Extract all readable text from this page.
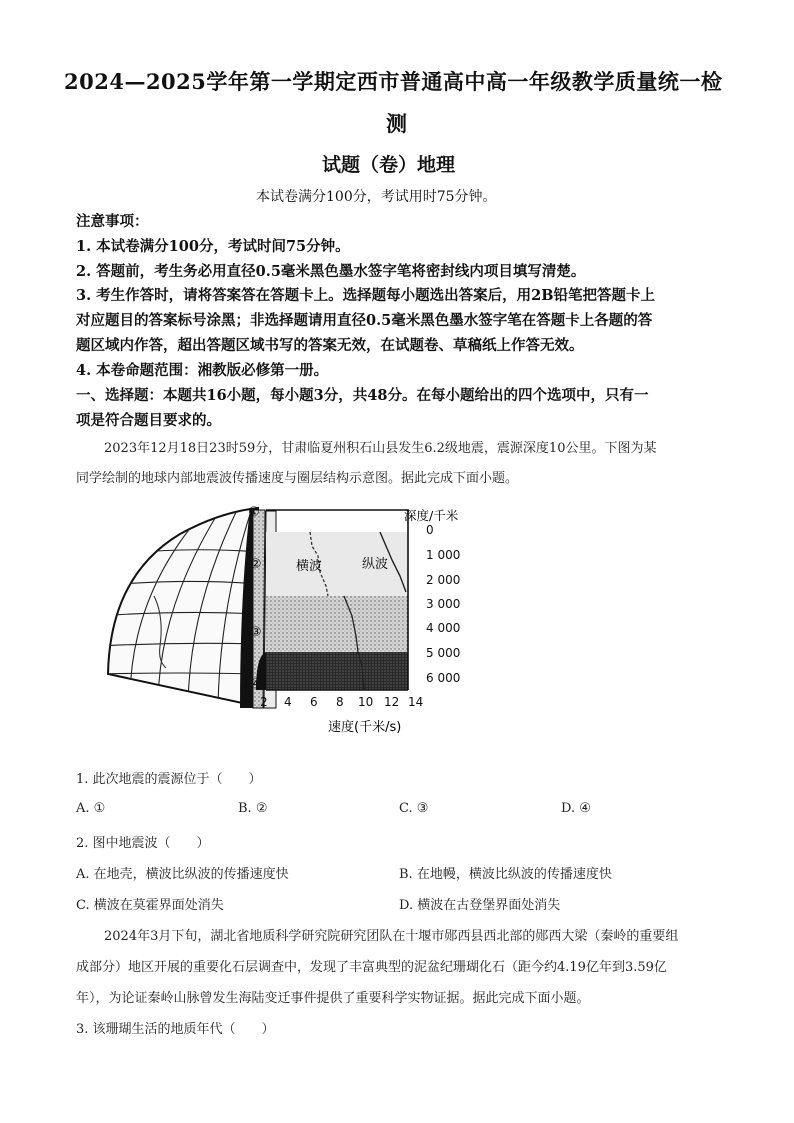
2024—2025学年第一学期定西市普通高中高一年级教学质量统一检
测
试题（卷）地理
本试卷满分100分，考试用时75分钟。
注意事项：
1. 本试卷满分100分，考试时间75分钟。
2. 答题前，考生务必用直径0.5毫米黑色墨水签字笔将密封线内项目填写清楚。
3. 考生作答时，请将答案答在答题卡上。选择题每小题选出答案后，用2B铅笔把答题卡上
对应题目的答案标号涂黑；非选择题请用直径0.5毫米黑色墨水签字笔在答题卡上各题的答
题区域内作答，超出答题区域书写的答案无效，在试题卷、草稿纸上作答无效。
4. 本卷命题范围：湘教版必修第一册。
一、选择题：本题共16小题，每小题3分，共48分。在每小题给出的四个选项中，只有一
项是符合题目要求的。
2023年12月18日23时59分，甘肃临夏州积石山县发生6.2级地震，震源深度10公里。下图为某
同学绘制的地球内部地震波传播速度与圈层结构示意图。据此完成下面小题。
①
②
③
④
横波	纵波
深度/千米
0
1 000
2 000
3 000
4 000
5 000
6 000
2 4 6 8 10 12 14
速度(千米/s)
1. 此次地震的震源位于（　　）
A. ①	B. ②	C. ③	D. ④
2. 图中地震波（　　）
A. 在地壳，横波比纵波的传播速度快	B. 在地幔，横波比纵波的传播速度快
C. 横波在莫霍界面处消失	D. 横波在古登堡界面处消失
2024年3月下旬，湖北省地质科学研究院研究团队在十堰市郧西县西北部的郧西大梁（秦岭的重要组
成部分）地区开展的重要化石层调查中，发现了丰富典型的泥盆纪珊瑚化石（距今约4.19亿年到3.59亿
年），为论证秦岭山脉曾发生海陆变迁事件提供了重要科学实物证据。据此完成下面小题。
3. 该珊瑚生活的地质年代（　　）
